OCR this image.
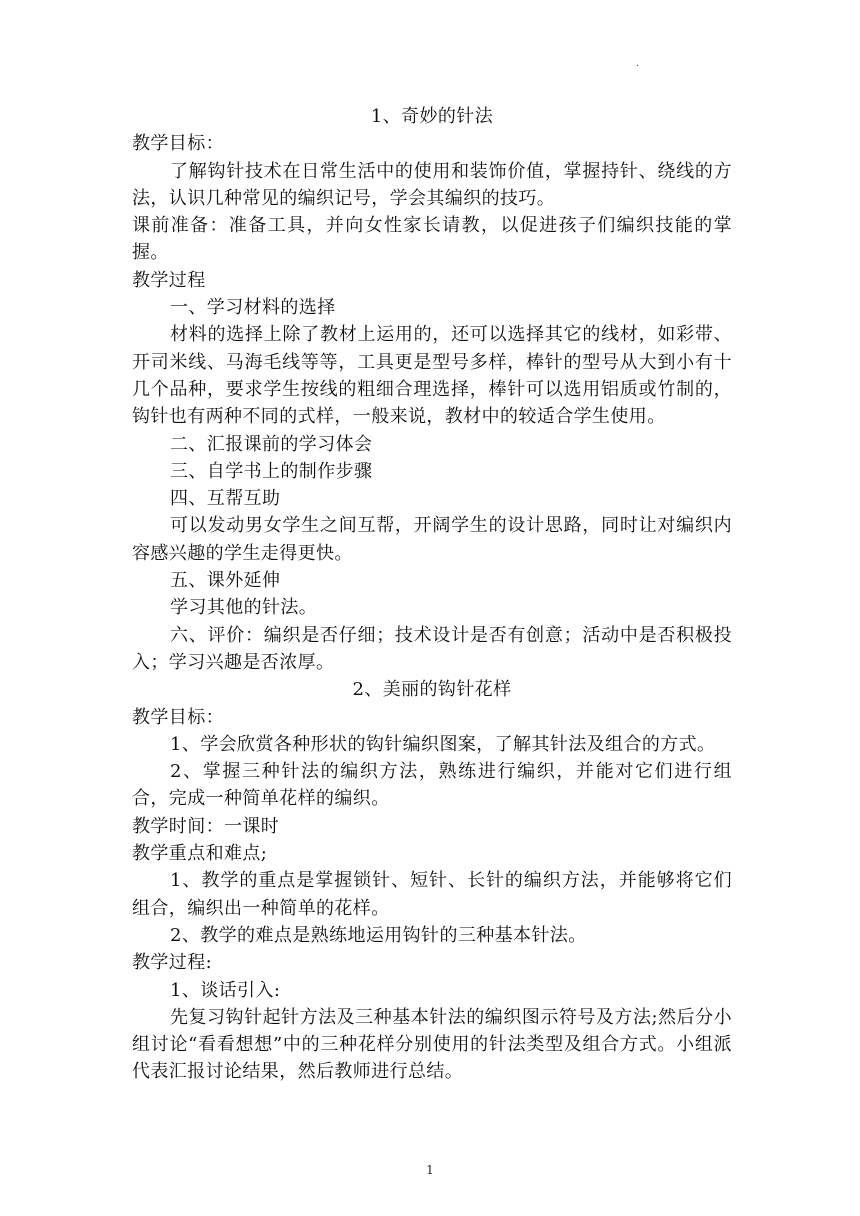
.

1、奇妙的针法

教学目标：

了解钩针技术在日常生活中的使用和装饰价值，掌握持针、绕线的方法，认识几种常见的编织记号，学会其编织的技巧。

课前准备：准备工具，并向女性家长请教，以促进孩子们编织技能的掌握。

教学过程

一、学习材料的选择

材料的选择上除了教材上运用的，还可以选择其它的线材，如彩带、开司米线、马海毛线等等，工具更是型号多样，棒针的型号从大到小有十几个品种，要求学生按线的粗细合理选择，棒针可以选用铝质或竹制的，钩针也有两种不同的式样，一般来说，教材中的较适合学生使用。

二、汇报课前的学习体会

三、自学书上的制作步骤

四、互帮互助

可以发动男女学生之间互帮，开阔学生的设计思路，同时让对编织内容感兴趣的学生走得更快。

五、课外延伸

学习其他的针法。

六、评价：编织是否仔细；技术设计是否有创意；活动中是否积极投入；学习兴趣是否浓厚。

2、美丽的钩针花样

教学目标：

1、学会欣赏各种形状的钩针编织图案，了解其针法及组合的方式。

2、掌握三种针法的编织方法，熟练进行编织，并能对它们进行组合，完成一种简单花样的编织。

教学时间：一课时

教学重点和难点;

1、教学的重点是掌握锁针、短针、长针的编织方法，并能够将它们组合，编织出一种简单的花样。

2、教学的难点是熟练地运用钩针的三种基本针法。

教学过程:

1、谈话引入:

先复习钩针起针方法及三种基本针法的编织图示符号及方法;然后分小组讨论“看看想想”中的三种花样分别使用的针法类型及组合方式。小组派代表汇报讨论结果，然后教师进行总结。

1
